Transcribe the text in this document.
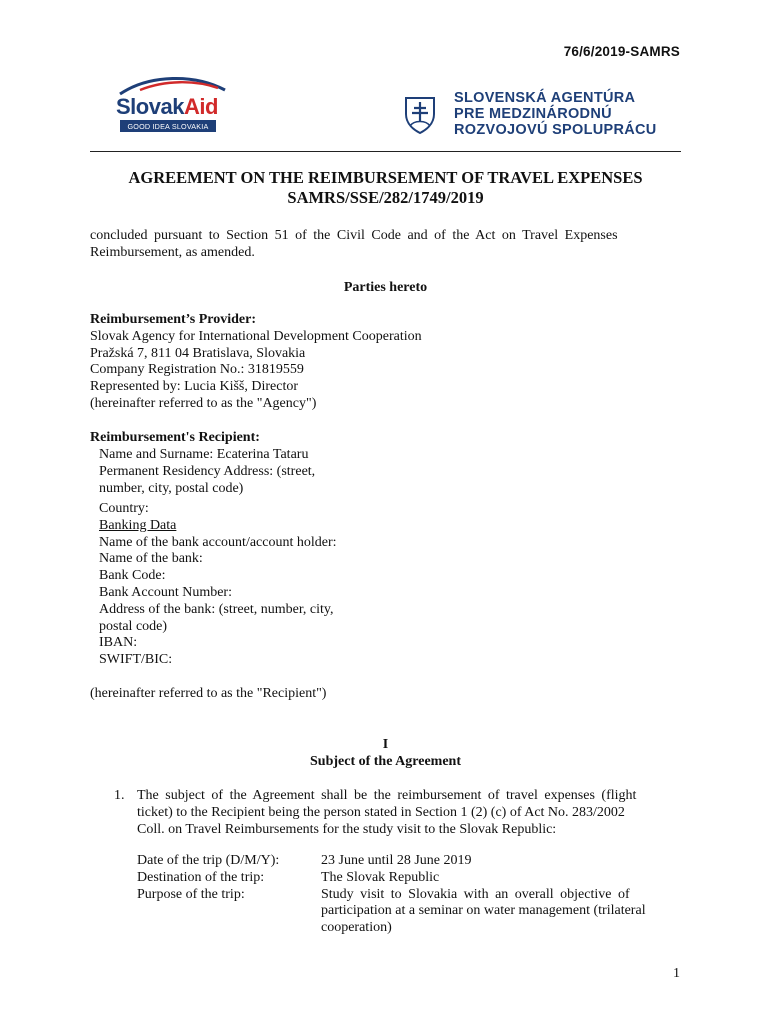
76/6/2019-SAMRS
SlovakAid
GOOD IDEA SLOVAKIA
SLOVENSKÁ AGENTÚRA
PRE MEDZINÁRODNÚ
ROZVOJOVÚ SPOLUPRÁCU
AGREEMENT ON THE REIMBURSEMENT OF TRAVEL EXPENSES
SAMRS/SSE/282/1749/2019
concluded pursuant to Section 51 of the Civil Code and of the Act on Travel Expenses
Reimbursement, as amended.
Parties hereto
Reimbursement’s Provider:
Slovak Agency for International Development Cooperation
Pražská 7, 811 04 Bratislava, Slovakia
Company Registration No.: 31819559
Represented by: Lucia Kišš, Director
(hereinafter referred to as the "Agency")
Reimbursement's Recipient:
Name and Surname: Ecaterina Tataru
Permanent Residency Address: (street,
number, city, postal code)
Country:
Banking Data
Name of the bank account/account holder:
Name of the bank:
Bank Code:
Bank Account Number:
Address of the bank: (street, number, city,
postal code)
IBAN:
SWIFT/BIC:
(hereinafter referred to as the "Recipient")
I
Subject of the Agreement
1. The subject of the Agreement shall be the reimbursement of travel expenses (flight
ticket) to the Recipient being the person stated in Section 1 (2) (c) of Act No. 283/2002
Coll. on Travel Reimbursements for the study visit to the Slovak Republic:
Date of the trip (D/M/Y):	23 June until 28 June 2019
Destination of the trip:	The Slovak Republic
Purpose of the trip:	Study visit to Slovakia with an overall objective of
participation at a seminar on water management (trilateral
cooperation)
1
